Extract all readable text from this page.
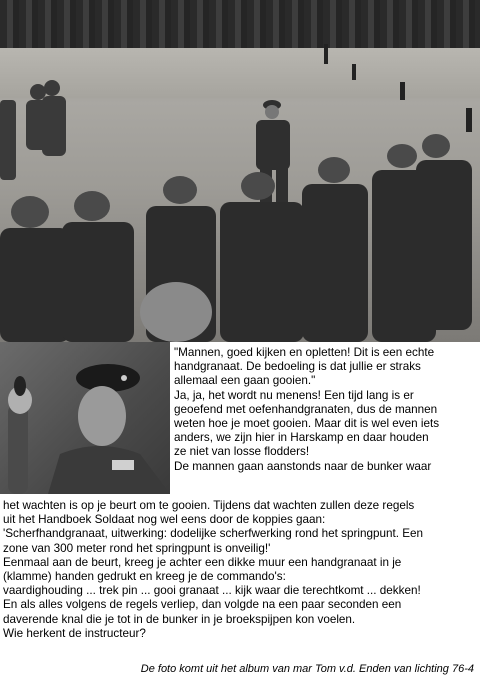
"Mannen, goed kijken en opletten! Dit is een echte
handgranaat. De bedoeling is dat jullie er straks
allemaal een gaan gooien."
Ja, ja, het wordt nu menens! Een tijd lang is er
geoefend met oefenhandgranaten, dus de mannen
weten hoe je moet gooien. Maar dit is wel even iets
anders, we zijn hier in Harskamp en daar houden
ze niet van losse flodders!
De mannen gaan aanstonds naar de bunker waar
het wachten is op je beurt om te gooien. Tijdens dat wachten zullen deze regels
uit het Handboek Soldaat nog wel eens door de koppies gaan:
'Scherfhandgranaat, uitwerking: dodelijke scherfwerking rond het springpunt. Een
zone van 300 meter rond het springpunt is onveilig!'
Eenmaal aan de beurt, kreeg je achter een dikke muur een handgranaat in je
(klamme) handen gedrukt en kreeg je de commando's:
vaardighouding ... trek pin ... gooi granaat ... kijk waar die terechtkomt ... dekken!
En als alles volgens de regels verliep, dan volgde na een paar seconden een
daverende knal die je tot in de bunker in je broekspijpen kon voelen.
Wie herkent de instructeur?
De foto komt uit het album van mar Tom v.d. Enden van lichting 76-4
